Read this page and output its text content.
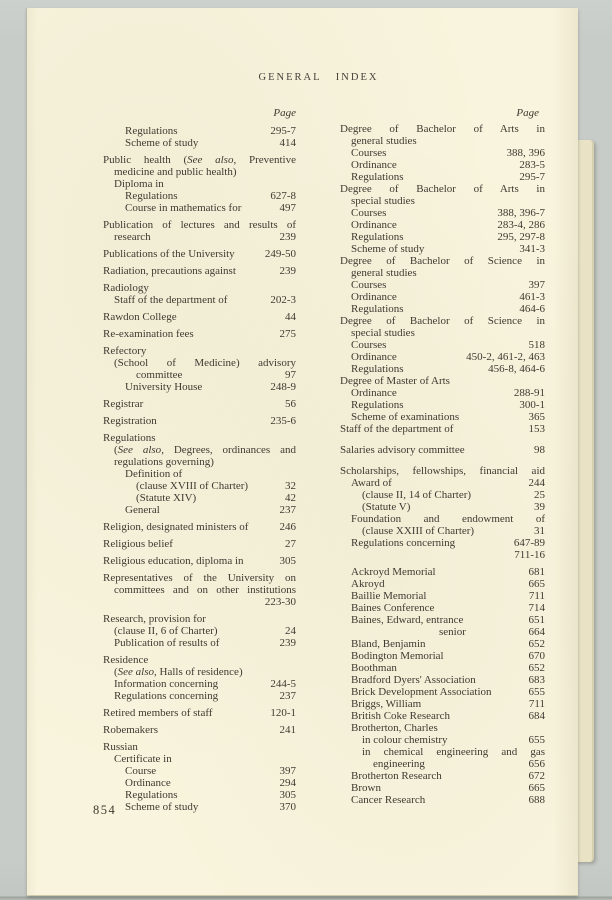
GENERAL INDEX
Page	Page
Regulations	295-7
Scheme of study	414
Public health (See also, Preventive
medicine and public health)
Diploma in
Regulations	627-8
Course in mathematics for	497
Publication of lectures and results of
research	239
Publications of the University	249-50
Radiation, precautions against	239
Radiology
Staff of the department of	202-3
Rawdon College	44
Re-examination fees	275
Refectory
(School of Medicine) advisory
committee	97
University House	248-9
Registrar	56
Registration	235-6
Regulations
(See also, Degrees, ordinances and
regulations governing)
Definition of
(clause XVIII of Charter)	32
(Statute XIV)	42
General	237
Religion, designated ministers of	246
Religious belief	27
Religious education, diploma in	305
Representatives of the University on
committees and on other institutions
223-30
Research, provision for
(clause II, 6 of Charter)	24
Publication of results of	239
Residence
(See also, Halls of residence)
Information concerning	244-5
Regulations concerning	237
Retired members of staff	120-1
Robemakers	241
Russian
Certificate in
Course	397
Ordinance	294
Regulations	305
Scheme of study	370
Degree of Bachelor of Arts in
general studies
Courses	388, 396
Ordinance	283-5
Regulations	295-7
Degree of Bachelor of Arts in
special studies
Courses	388, 396-7
Ordinance	283-4, 286
Regulations	295, 297-8
Scheme of study	341-3
Degree of Bachelor of Science in
general studies
Courses	397
Ordinance	461-3
Regulations	464-6
Degree of Bachelor of Science in
special studies
Courses	518
Ordinance	450-2, 461-2, 463
Regulations	456-8, 464-6
Degree of Master of Arts
Ordinance	288-91
Regulations	300-1
Scheme of examinations	365
Staff of the department of	153
Salaries advisory committee	98
Scholarships, fellowships, financial aid
Award of	244
(clause II, 14 of Charter)	25
(Statute V)	39
Foundation and endowment of
(clause XXIII of Charter)	31
Regulations concerning	647-89
711-16
Ackroyd Memorial	681
Akroyd	665
Baillie Memorial	711
Baines Conference	714
Baines, Edward, entrance	651
senior	664
Bland, Benjamin	652
Bodington Memorial	670
Boothman	652
Bradford Dyers' Association	683
Brick Development Association	655
Briggs, William	711
British Coke Research	684
Brotherton, Charles
in colour chemistry	655
in chemical engineering and gas
engineering	656
Brotherton Research	672
Brown	665
Cancer Research	688
854
